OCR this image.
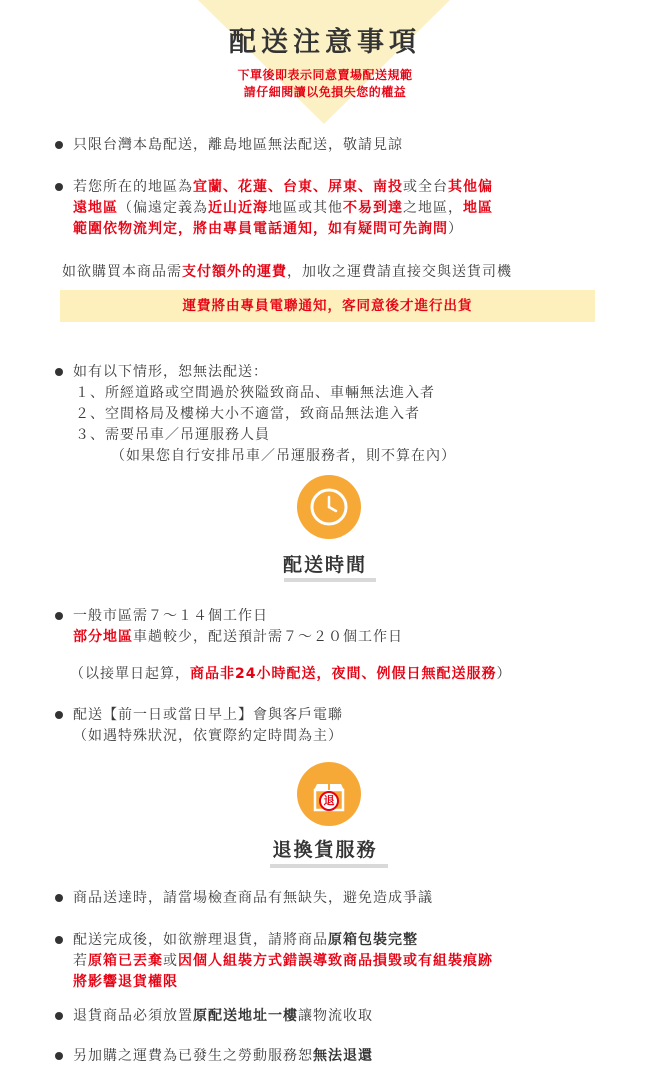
配送注意事項
下單後即表示同意賣場配送規範
請仔細閱讀以免損失您的權益
只限台灣本島配送，離島地區無法配送，敬請見諒
若您所在的地區為宜蘭、花蓮、台東、屏東、南投或全台其他偏
遠地區（偏遠定義為近山近海地區或其他不易到達之地區，地區
範圍依物流判定，將由專員電話通知，如有疑問可先詢問）
如欲購買本商品需支付額外的運費，加收之運費請直接交與送貨司機
運費將由專員電聯通知，客同意後才進行出貨
如有以下情形，恕無法配送：
１、所經道路或空間過於狹隘致商品、車輛無法進入者
２、空間格局及樓梯大小不適當，致商品無法進入者
３、需要吊車／吊運服務人員
（如果您自行安排吊車／吊運服務者，則不算在內）
配送時間
一般市區需７～１４個工作日
部分地區車趟較少，配送預計需７～２０個工作日
（以接單日起算，商品非24小時配送，夜間、例假日無配送服務）
配送【前一日或當日早上】會與客戶電聯
（如遇特殊狀況，依實際約定時間為主）
退
退換貨服務
商品送達時，請當場檢查商品有無缺失，避免造成爭議
配送完成後，如欲辦理退貨，請將商品原箱包裝完整
若原箱已丟棄或因個人組裝方式錯誤導致商品損毀或有組裝痕跡
將影響退貨權限
退貨商品必須放置原配送地址一樓讓物流收取
另加購之運費為已發生之勞動服務恕無法退還
